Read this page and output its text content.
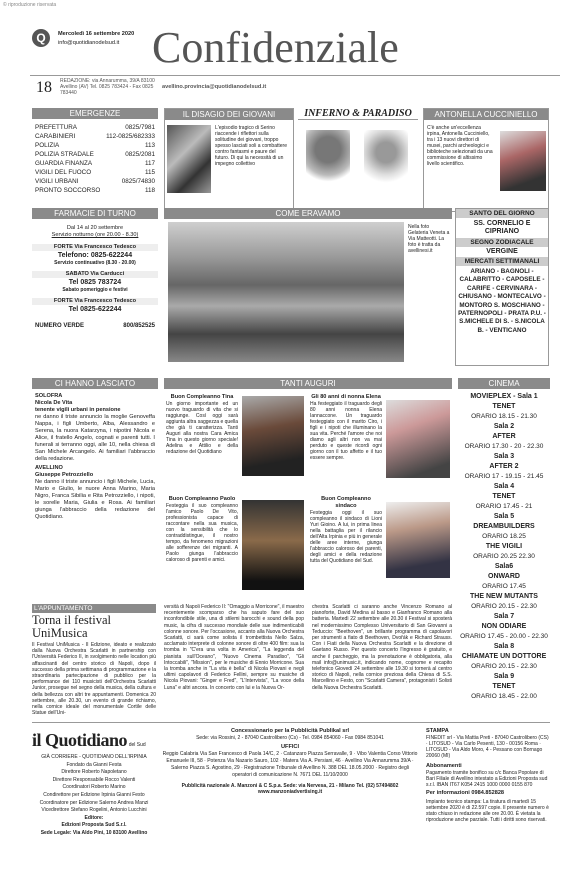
© riproduzione riservata
Q	Mercoledì 16 settembre 2020
info@quotidianodelsud.it Confidenziale
18 REDAZIONE: via Annarumma, 39/A 83100 Avellino (AV) Tel. 0825 783424 - Fax 0825 783440
avellino.provincia@quotidianodelsud.it
EMERGENZE
PREFETTURA	0825/7981
CARABINIERI	112-0825/682333
POLIZIA	113
POLIZIA STRADALE	0825/2081
GUARDIA FINANZA	117
VIGILI DEL FUOCO	115
VIGILI URBANI	0825/74830
PRONTO SOCCORSO	118
IL DISAGIO DEI GIOVANI
L'episodio tragico di Serino riaccende i riflettori sulla solitudine dei giovani, troppo spesso lasciati soli a combattere contro fantasmi e paure del futuro. Di qui la necessità di un impegno collettivo
INFERNO & PARADISO	ANTONELLA CUCCINIELLO
C'è anche un'eccellenza irpina, Antonella Cucciniello, tra i 13 nuovi direttori di musei, parchi archeologici e biblioteche selezionati da una commissione di altissimo livello scientifico.
FARMACIE DI TURNO
Dal 14 al 20 settembre
Servizio notturno (ore 20.00 - 8.30)
FORTE Via Francesco Tedesco
Telefono: 0825-622244
Servizio continuativo (8.30 - 20.00)
SABATO Via Carducci
Tel 0825 783724
Sabato pomeriggio e festivi
FORTE Via Francesco Tedesco
Tel 0825-622244
NUMERO VERDE	800/852525
COME ERAVAMO
Nella foto Gelateria Veneta a Via Matteotti. La foto è tratta da avellinesi.it
SANTO DEL GIORNO
SS. CORNELIO E CIPRIANO
SEGNO ZODIACALE
VERGINE
MERCATI SETTIMANALI
ARIANO - BAGNOLI - CALABRITTO - CAPOSELE - CARIFE - CERVINARA - CHIUSANO - MONTECALVO - MONTORO S. MOSCHIANO - PATERNOPOLI - PRATA P.U. - S.MICHELE DI S. - S.NICOLA B. - VENTICANO
CI HANNO LASCIATO
SOLOFRA
Nicola De Vita
tenente vigili urbani in pensione
ne danno il triste annuncio la moglie Genoveffa Nappa, i figli Umberto, Alba, Alessandro e Serena, la nuora Katarzyna, i nipotini Nicola e Alice, il fratello Angelo, cognati e parenti tutti. I funerali si terranno oggi, alle 10, nella chiesa di San Michele Arcangelo. Ai familiari l'abbraccio della redazione.
AVELLINO
Giuseppe Petrozziello
Ne danno il triste annuncio i figli Michele, Lucia, Mario e Giulio, le nuore Anna Marino, Maria Nigro, Franca Sibilia e Rita Petrozziello, i nipoti, le sorelle Maria, Giulia e Rosa. Ai familiari giunga l'abbraccio della redazione del Quotidiano.
TANTI AUGURI
Buon Compleanno Tina
Un giorno importante ed un nuovo traguardo di vita che si raggiunge. Così oggi sarà aggiunta altra saggezza e quella che già ti caratterizza. Tanti Auguri alla nostra Cara Amica Tina in questo giorno speciale! Adelina e Attilio e della redazione del Quotidiano
Gli 80 anni di nonna Elena
Ha festeggiato il traguardo degli 80 anni nonna Elena Iannaccone. Un traguardo festeggiato con il marito Ciro, i figli e i nipoti che illuminano la sua vita. Perché l'amore che noi diamo agli altri non va mai perduto e queste ricordi ogni giorno con il tuo affetto e il tuo essere sempre.
Buon Compleanno Paolo
Festeggia il suo compleanno l'amico Paolo De Vito, professionista capace di raccontare nella sua musica, con la sensibilità che lo contraddistingue, il nostro tempo, da fenomeno migrazioni alle sofferenze dei migranti. A Paolo giunga l'abbraccio caloroso di parenti e amici.
Buon Compleanno sindaco
Festeggia oggi il suo compleanno il sindaco di Lioni Yuri Gioino. A lui, in prima linea nella battaglia per il rilancio dell'Alta Irpinia e più in generale delle aree interne, giunga l'abbraccio caloroso dei parenti, degli amici e della redazione tutta del Quotidiano del Sud.
CINEMA
MOVIEPLEX - Sala 1
TENET
ORARIO 18.15 - 21.30
Sala 2
AFTER
ORARIO 17.30 - 20 - 22.30
Sala 3
AFTER 2
ORARIO 17 - 19.15 - 21.45
Sala 4
TENET
ORARIO 17.45 - 21
Sala 5
DREAMBUILDERS
ORARIO 18.25
THE VIGILI
ORARIO 20.25 22.30
Sala6
ONWARD
ORARIO 17.45
THE NEW MUTANTS
ORARIO 20.15 - 22.30
Sala 7
NON ODIARE
ORARIO 17.45 - 20.00 - 22.30
Sala 8
CHIAMATE UN DOTTORE
ORARIO 20.15 - 22.30
Sala 9
TENET
ORARIO 18.45 - 22.00
L'APPUNTAMENTO
Torna il festival UniMusica
Il Festival UniMusica - II Edizione, ideato e realizzato dalla Nuova Orchestra Scarlatti in partnership con l'Università Federico II, in svolgimento nelle location più affascinanti del centro storico di Napoli, dopo il successo della prima settimana di programmazione e la straordinaria partecipazione di pubblico per la performance dei 110 musicisti dell'Orchestra Scarlatti Junior, prosegue nel segno della musica, della cultura e della bellezza con altri tre appuntamenti. Domenica 20 settembre, alle 20.30, un evento di grande richiamo, nella cornice ideale del monumentale Cortile delle Statue dell'Uni-
versità di Napoli Federico II: "Omaggio a Morricone", il maestro recentemente scomparso che ha saputo fare del suo inconfondibile stile, una di stilemi barocchi e sound della pop music, la cifra di successo mondiale delle sue indimenticabili colonne sonore. Per l'occasione, accanto alla Nuova Orchestra Scarlatti, ci sarà come solista il trombettista Nello Salza, acclamato interprete di colonne sonore di oltre 400 film: sua la tromba in "C'era una volta in America", "La leggenda del pianista sull'Oceano", "Nuovo Cinema Paradiso", "Gli Intoccabili", "Mission", per le musiche di Ennio Morricone. Sua la tromba anche in "La vita è bella" di Nicola Piovani e negli ultimi capolavori di Federico Fellini, sempre su musiche di Nicola Piovani: "Ginger e Fred", "L'Intervista", "La voce della Luna" e altri ancora. In concerto con lui e la Nuova Or-
chestra Scarlatti ci saranno anche Vincenzo Romano al pianoforte, David Medina al basso e Gianfranco Romano alla batteria. Martedì 22 settembre alle 20.30 il Festival si sposterà nel modernissimo Complesso Universitario di San Giovanni a Teduccio: "Beethoven", un brillante programma di capolavori per strumenti a fiato di Beethoven, Dvořák e Richard Strauss. Con i Fiati della Nuova Orchestra Scarlatti e la direzione di Gaetano Russo. Per questo concerto l'ingresso è gratuito, e anche il parcheggio, ma la prenotazione è obbligatoria, alla mail info@unimusic.it, indicando nome, cognome e recapito telefonico Giovedì 24 settembre alle 19.30 si tornerà al centro storico di Napoli, nella cornice preziosa della Chiesa di S.S. Marcellino e Festo, con "Scarlatti Camera", protagonisti i Solisti della Nuova Orchestra Scarlatti.
il Quotidiano del Sud
GIÀ CORRIERE - QUOTIDIANO DELL'IRPINIA
Fondato da Gianni Festa
Direttore Roberto Napoletano
Direttore Responsabile Rocco Valenti
Coordinatori Roberto Marino
Condirettore per Edizione Irpinia Gianni Festo
Coordinatore per Edizione Salerno Andrea Manzi
Vicedirettore Stefano Rogelini, Antonio Lucchini
Editore:
Edizioni Proposta Sud S.r.l.
Sede Legale: Via Aldo Pini, 10 83100 Avellino
Concessionario per la Pubblicità Publikal srl
Sede: via Rossini, 2 - 87040 Castrolibero (Cs) - Tel. 0984 854060 - Fax 0984 851041
UFFICI
Reggio Calabria Via San Francesco di Paola 14/C, 2 · Catanzaro Piazza Serravalle, 9 · Vibo Valentia Corso Vittorio Emanuele III, 58 · Potenza Via Nazario Sauro, 102 · Matera Via A. Persiani, 46 · Avellino Via Annarumma 39/A · Salerno Piazza S. Agostino, 29 · Registrazione Tribunale di Avellino N. 388 DEL 18.05.2000 · Registro degli operatori di comunicazione N. 7671 DEL 11/10/2000
Pubblicità nazionale A. Manzoni & C S.p.a. Sede: via Nervesa, 21 - Milano Tel. (02) 57494802 www.manzoniadvertising.it
STAMPA
FINEDIT srl - Via Mattia Preti - 87040 Castrolibero (CS) · LITOSUD - Via Carlo Pesenti, 130 - 00156 Roma · LITOSUD - Via Aldo Moro, 4 - Pessano con Bornago 20060 (MI)
Abbonamenti
Pagamento tramite bonifico su c/c Banca Popolare di Bari Filiale di Avellino intestato a Edizioni Proposta sud s.r.l. IBAN IT67 K054 2415 1000 0000 0155 870
Per informazioni 0984.852828
Impianto tecnico stampa: La tiratura di martedì 15 settembre 2020 è di 22.597 copie. Il presente numero è stato chiuso in redazione alle ore 20.00. È vietata la riproduzione anche parziale. Tutti i diritti sono riservati.
